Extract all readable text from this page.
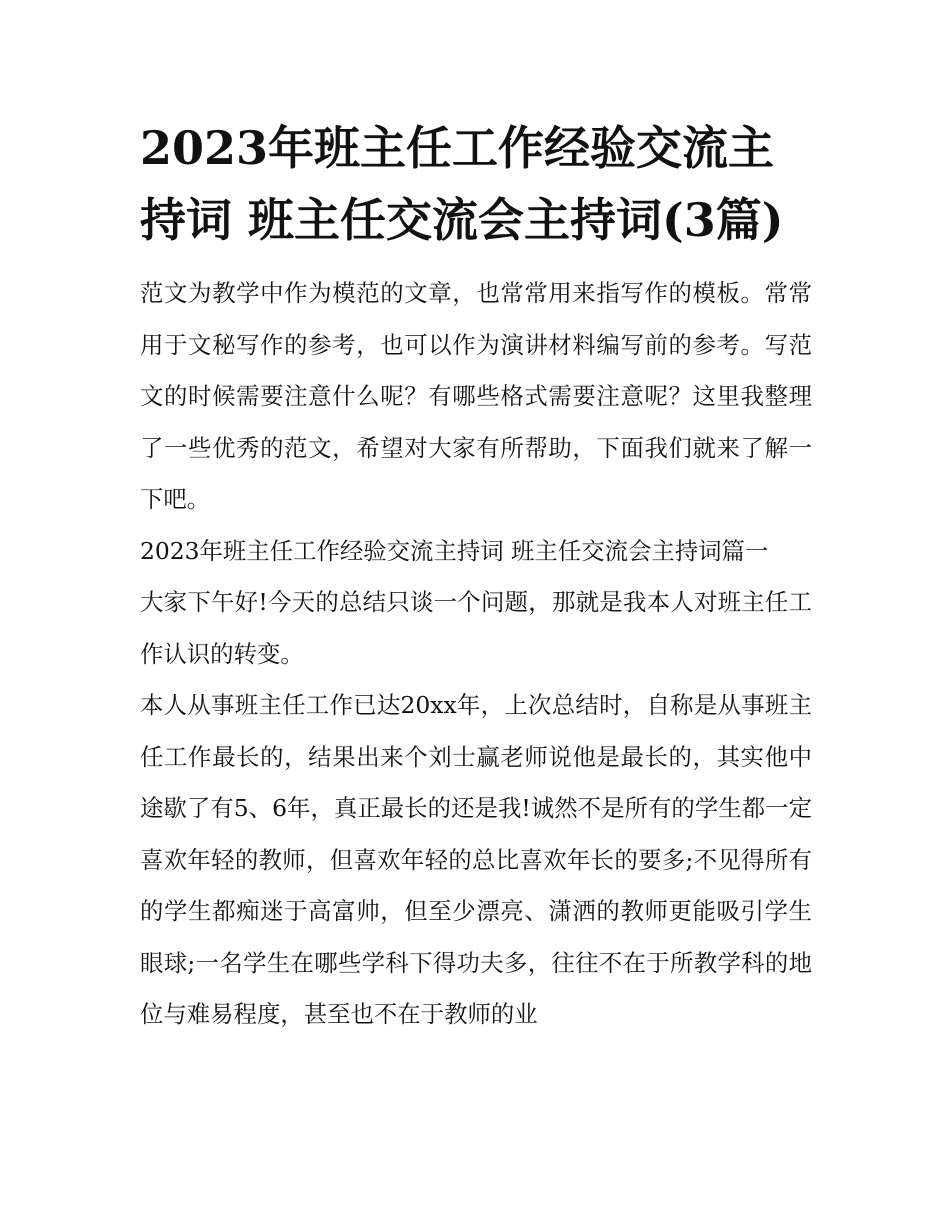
2023年班主任工作经验交流主持词 班主任交流会主持词(3篇)

范文为教学中作为模范的文章，也常常用来指写作的模板。常常用于文秘写作的参考，也可以作为演讲材料编写前的参考。写范文的时候需要注意什么呢？有哪些格式需要注意呢？这里我整理了一些优秀的范文，希望对大家有所帮助，下面我们就来了解一下吧。

2023年班主任工作经验交流主持词 班主任交流会主持词篇一

大家下午好!今天的总结只谈一个问题，那就是我本人对班主任工作认识的转变。

本人从事班主任工作已达20xx年，上次总结时，自称是从事班主任工作最长的，结果出来个刘士赢老师说他是最长的，其实他中途歇了有5、6年，真正最长的还是我!诚然不是所有的学生都一定喜欢年轻的教师，但喜欢年轻的总比喜欢年长的要多;不见得所有的学生都痴迷于高富帅，但至少漂亮、潇洒的教师更能吸引学生眼球;一名学生在哪些学科下得功夫多，往往不在于所教学科的地位与难易程度，甚至也不在于教师的业
